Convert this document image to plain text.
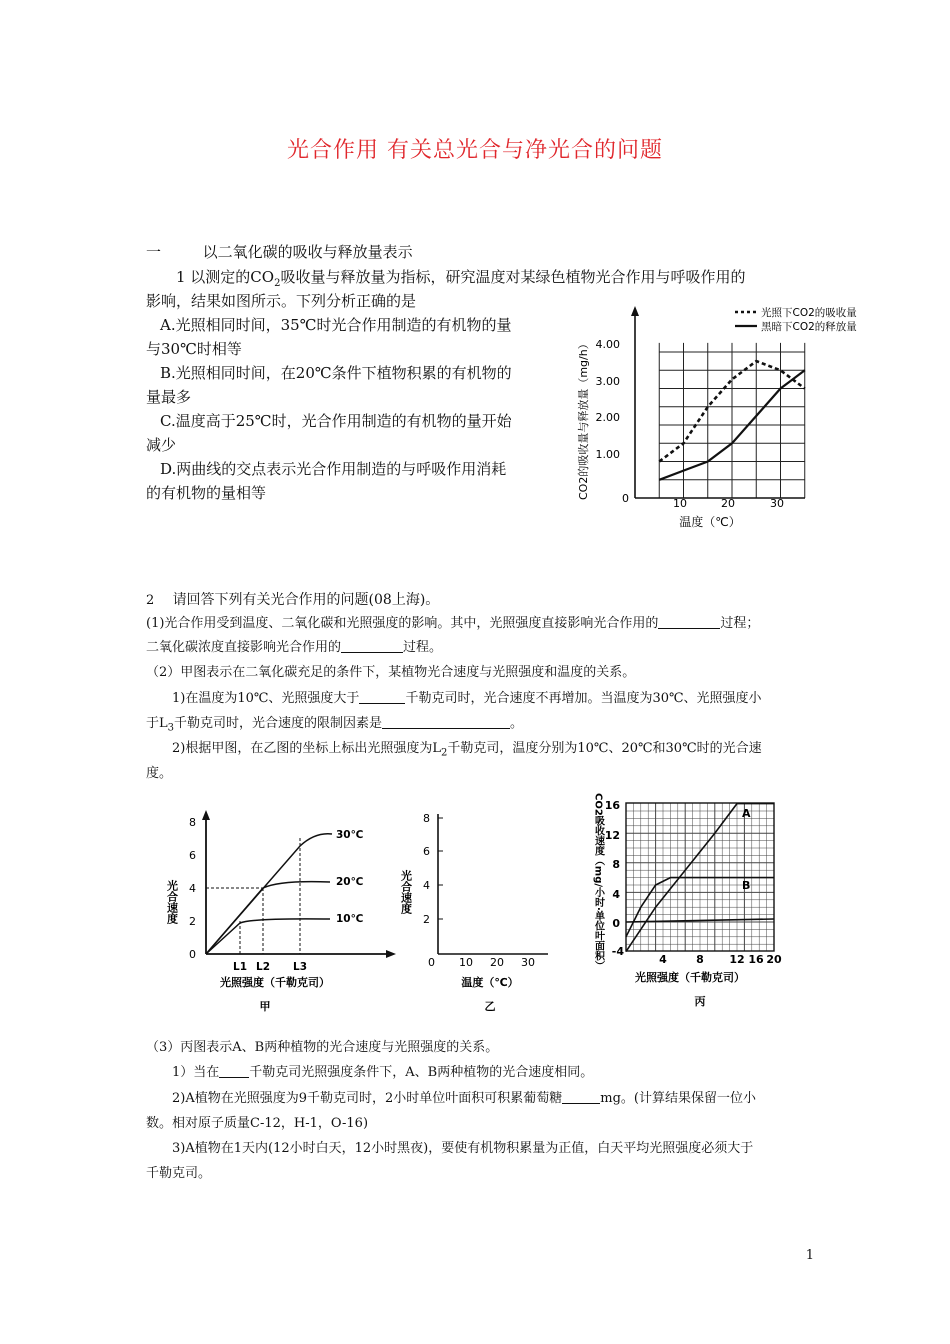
光合作用 有关总光合与净光合的问题
一	以二氧化碳的吸收与释放量表示
1 以测定的$CO_2$吸收量与释放量为指标，研究温度对某绿色植物光合作用与呼吸作用的
影响，结果如图所示。下列分析正确的是
A.光照相同时间，35℃时光合作用制造的有机物的量
与30℃时相等
B.光照相同时间，在20℃条件下植物积累的有机物的
量最多
C.温度高于25℃时，光合作用制造的有机物的量开始
减少
D.两曲线的交点表示光合作用制造的与呼吸作用消耗
的有机物的量相等
光照下CO2的吸收量
黑暗下CO2的释放量
4.00
3.00
2.00
1.00
0	10	20	30
温度（℃）
CO2的吸收量与释放量（mg/h）
2 请回答下列有关光合作用的问题(08上海)。
(1)光合作用受到温度、二氧化碳和光照强度的影响。其中，光照强度直接影响光合作用的	过程；
二氧化碳浓度直接影响光合作用的	过程。
（2）甲图表示在二氧化碳充足的条件下，某植物光合速度与光照强度和温度的关系。
1)在温度为10℃、光照强度大于	千勒克司时，光合速度不再增加。当温度为30℃、光照强度小
于$L_3$千勒克司时，光合速度的限制因素是	。
2)根据甲图，在乙图的坐标上标出光照强度为$L_2$千勒克司，温度分别为10℃、20℃和30℃时的光合速
度。
8
6
4
2
0
光合速度
30℃
20℃
10℃
L1 L2 L3
光照强度（千勒克司）
甲
8
6
4
2
光合速度
0 10 20 30
温度（℃）
乙
16
12
8
4
0
-4
CO2吸收速度（mg/小时·单位叶面积）	4	8 12 16 20
光照强度（千勒克司）
丙
A
B
（3）丙图表示A、B两种植物的光合速度与光照强度的关系。
1）当在 千勒克司光照强度条件下，A、B两种植物的光合速度相同。
2)A植物在光照强度为9千勒克司时，2小时单位叶面积可积累葡萄糖	mg。(计算结果保留一位小
数。相对原子质量C-12，H-1，O-16)
3)A植物在1天内(12小时白天，12小时黑夜)，要使有机物积累量为正值，白天平均光照强度必须大于
千勒克司。
1
